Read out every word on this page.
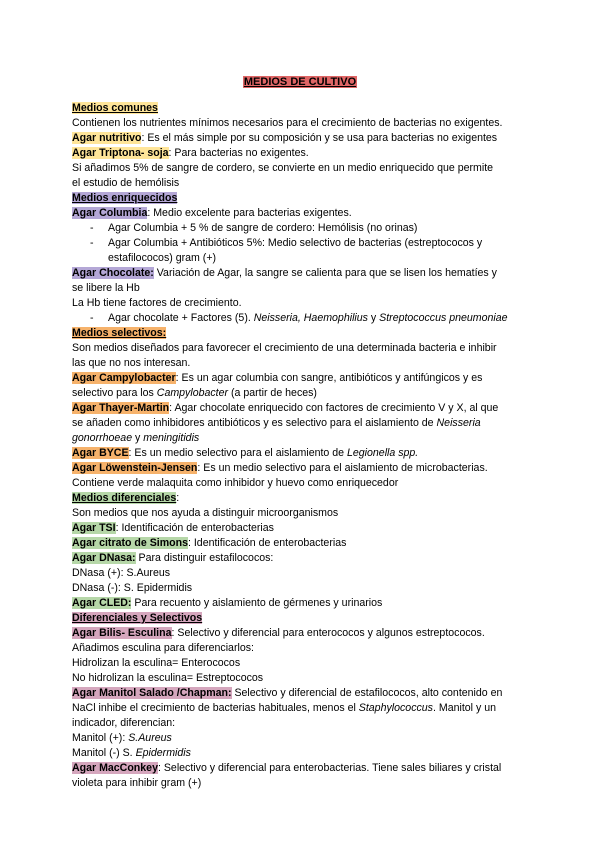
MEDIOS DE CULTIVO
Medios comunes
Contienen los nutrientes mínimos necesarios para el crecimiento de bacterias no exigentes.
Agar nutritivo: Es el más simple por su composición y se usa para bacterias no exigentes
Agar Triptona- soja: Para bacterias no exigentes.
Si añadimos 5% de sangre de cordero, se convierte en un medio enriquecido que permite
el estudio de hemólisis
Medios enriquecidos
Agar Columbia: Medio excelente para bacterias exigentes.
- Agar Columbia + 5 % de sangre de cordero: Hemólisis (no orinas)
- Agar Columbia + Antibióticos 5%: Medio selectivo de bacterias (estreptococos y
estafilococos) gram (+)
Agar Chocolate: Variación de Agar, la sangre se calienta para que se lisen los hematíes y
se libere la Hb
La Hb tiene factores de crecimiento.
- Agar chocolate + Factores (5). Neisseria, Haemophilius y Streptococcus pneumoniae
Medios selectivos:
Son medios diseñados para favorecer el crecimiento de una determinada bacteria e inhibir
las que no nos interesan.
Agar Campylobacter: Es un agar columbia con sangre, antibióticos y antifúngicos y es
selectivo para los Campylobacter (a partir de heces)
Agar Thayer-Martin: Agar chocolate enriquecido con factores de crecimiento V y X, al que
se añaden como inhibidores antibióticos y es selectivo para el aislamiento de Neisseria
gonorrhoeae y meningitidis
Agar BYCE: Es un medio selectivo para el aislamiento de Legionella spp.
Agar Löwenstein-Jensen: Es un medio selectivo para el aislamiento de microbacterias.
Contiene verde malaquita como inhibidor y huevo como enriquecedor
Medios diferenciales:
Son medios que nos ayuda a distinguir microorganismos
Agar TSI: Identificación de enterobacterias
Agar citrato de Simons: Identificación de enterobacterias
Agar DNasa: Para distinguir estafilococos:
DNasa (+): S.Aureus
DNasa (-): S. Epidermidis
Agar CLED: Para recuento y aislamiento de gérmenes y urinarios
Diferenciales y Selectivos
Agar Bilis- Esculina: Selectivo y diferencial para enterococos y algunos estreptococos.
Añadimos esculina para diferenciarlos:
Hidrolizan la esculina= Enterococos
No hidrolizan la esculina= Estreptococos
Agar Manitol Salado /Chapman: Selectivo y diferencial de estafilococos, alto contenido en
NaCl inhibe el crecimiento de bacterias habituales, menos el Staphylococcus. Manitol y un
indicador, diferencian:
Manitol (+): S.Aureus
Manitol (-) S. Epidermidis
Agar MacConkey: Selectivo y diferencial para enterobacterias. Tiene sales biliares y cristal
violeta para inhibir gram (+)
